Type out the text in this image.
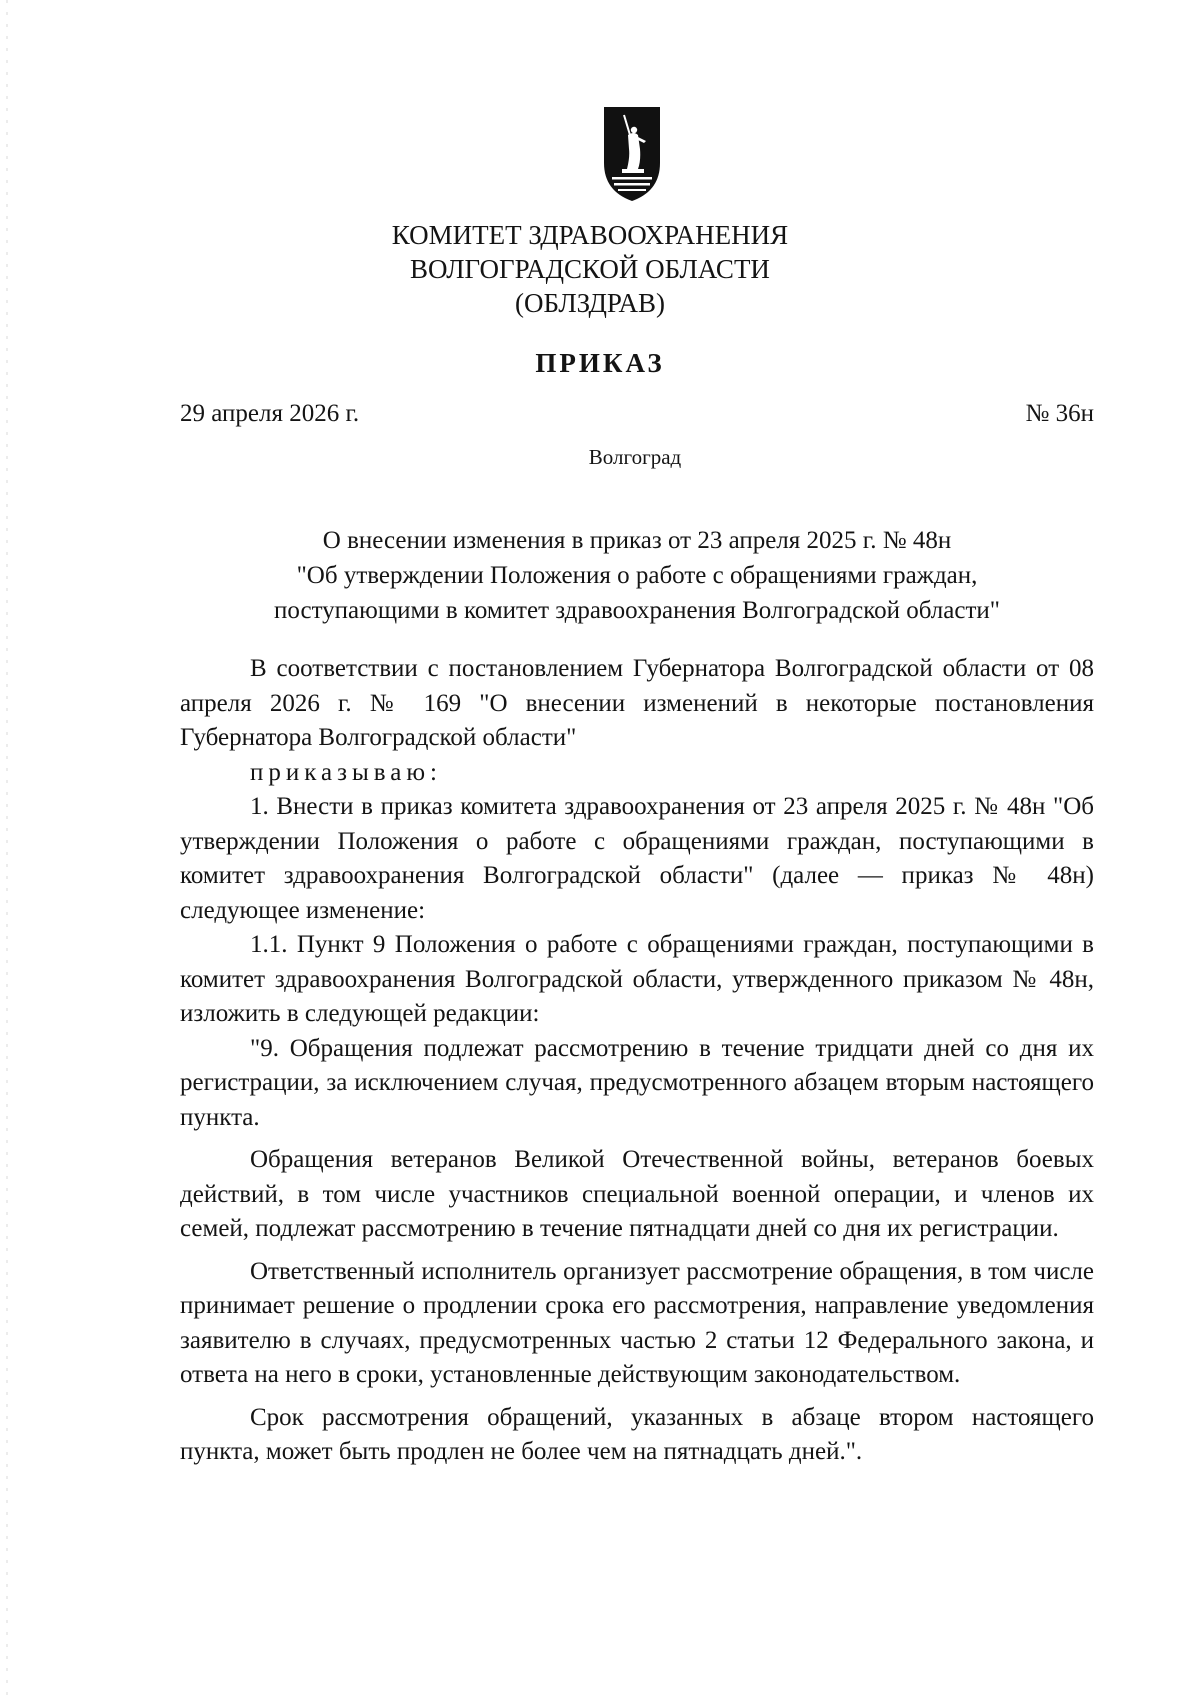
КОМИТЕТ ЗДРАВООХРАНЕНИЯ
ВОЛГОГРАДСКОЙ ОБЛАСТИ
(ОБЛЗДРАВ)
ПРИКАЗ
29 апреля 2026 г.	№ 36н
Волгоград
О внесении изменения в приказ от 23 апреля 2025 г. № 48н
"Об утверждении Положения о работе с обращениями граждан,
поступающими в комитет здравоохранения Волгоградской области"

В соответствии с постановлением Губернатора Волгоградской области от 08 апреля 2026 г. № 169 "О внесении изменений в некоторые постановления Губернатора Волгоградской области"

приказываю:

1. Внести в приказ комитета здравоохранения от 23 апреля 2025 г. № 48н "Об утверждении Положения о работе с обращениями граждан, поступающими в комитет здравоохранения Волгоградской области" (далее — приказ № 48н) следующее изменение:

1.1. Пункт 9 Положения о работе с обращениями граждан, поступающими в комитет здравоохранения Волгоградской области, утвержденного приказом № 48н, изложить в следующей редакции:

"9. Обращения подлежат рассмотрению в течение тридцати дней со дня их регистрации, за исключением случая, предусмотренного абзацем вторым настоящего пункта.

Обращения ветеранов Великой Отечественной войны, ветеранов боевых действий, в том числе участников специальной военной операции, и членов их семей, подлежат рассмотрению в течение пятнадцати дней со дня их регистрации.

Ответственный исполнитель организует рассмотрение обращения, в том числе принимает решение о продлении срока его рассмотрения, направление уведомления заявителю в случаях, предусмотренных частью 2 статьи 12 Федерального закона, и ответа на него в сроки, установленные действующим законодательством.

Срок рассмотрения обращений, указанных в абзаце втором настоящего пункта, может быть продлен не более чем на пятнадцать дней.".
